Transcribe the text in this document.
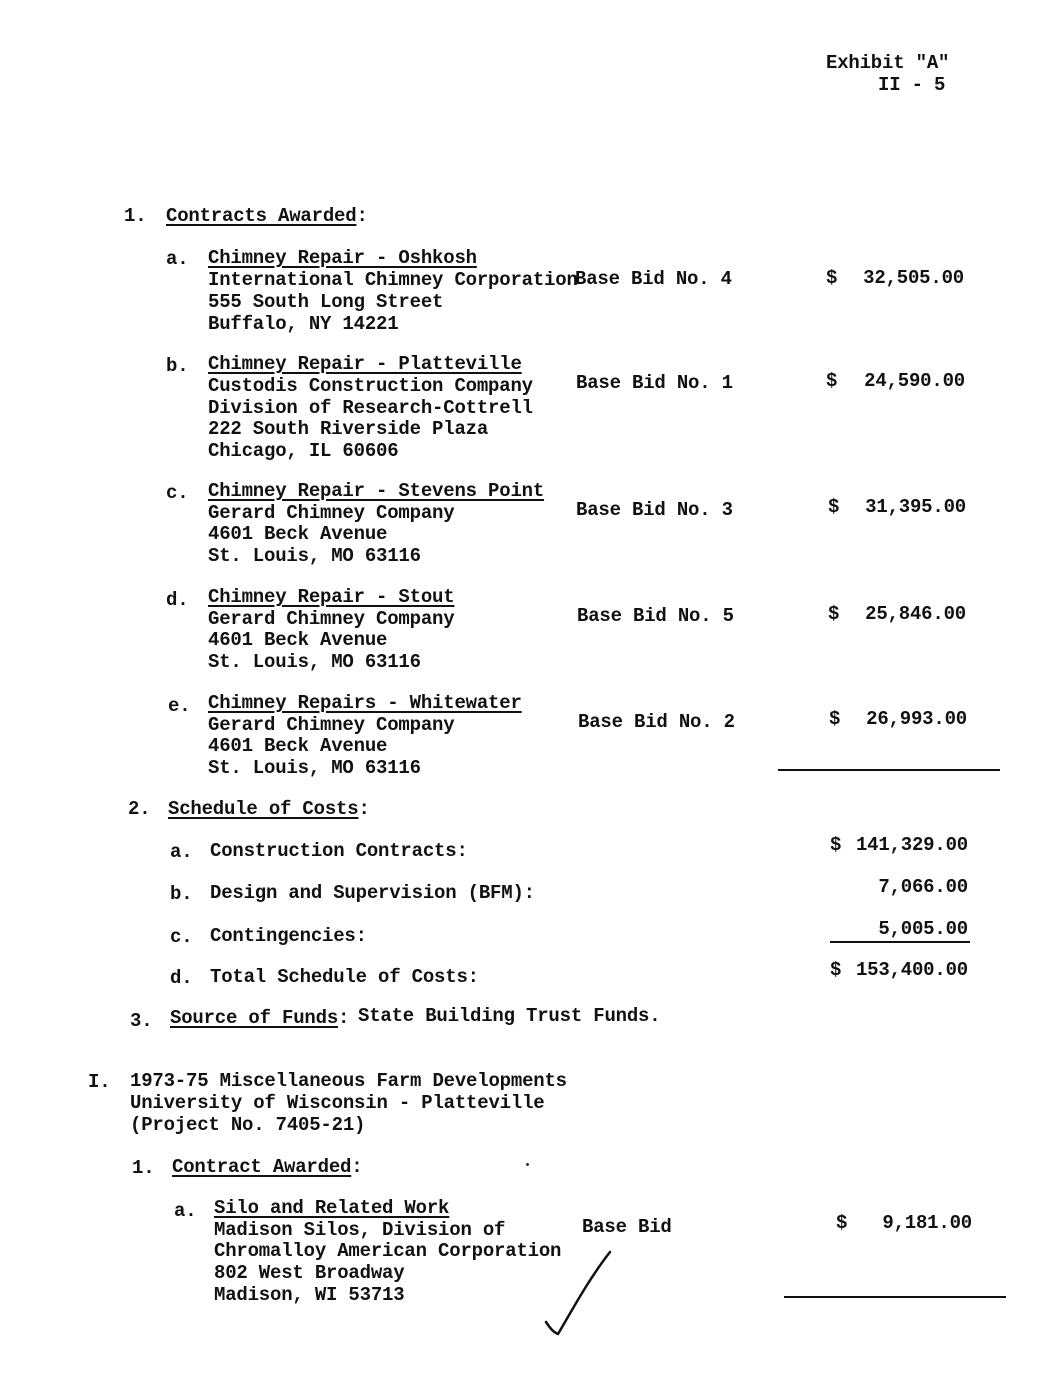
Exhibit "A"
II - 5
1. Contracts Awarded:
a. Chimney Repair - Oshkosh
International Chimney Corporation
555 South Long Street
Buffalo, NY 14221
Base Bid No. 4	$	32,505.00
b. Chimney Repair - Platteville
Custodis Construction Company
Division of Research-Cottrell
222 South Riverside Plaza
Chicago, IL 60606
Base Bid No. 1	$	24,590.00
c. Chimney Repair - Stevens Point
Gerard Chimney Company
4601 Beck Avenue
St. Louis, MO 63116
Base Bid No. 3	$	31,395.00
d. Chimney Repair - Stout
Gerard Chimney Company
4601 Beck Avenue
St. Louis, MO 63116
Base Bid No. 5	$	25,846.00
e. Chimney Repairs - Whitewater
Gerard Chimney Company
4601 Beck Avenue
St. Louis, MO 63116
Base Bid No. 2	$	26,993.00
2. Schedule of Costs:
a. Construction Contracts:	$ 141,329.00
b. Design and Supervision (BFM):	7,066.00
c. Contingencies:	5,005.00
d. Total Schedule of Costs:	$ 153,400.00
3. Source of Funds: State Building Trust Funds.
I. 1973-75 Miscellaneous Farm Developments
University of Wisconsin - Platteville
(Project No. 7405-21)
1. Contract Awarded:
a. Silo and Related Work
Madison Silos, Division of
Chromalloy American Corporation
802 West Broadway
Madison, WI 53713
Base Bid	$	9,181.00
